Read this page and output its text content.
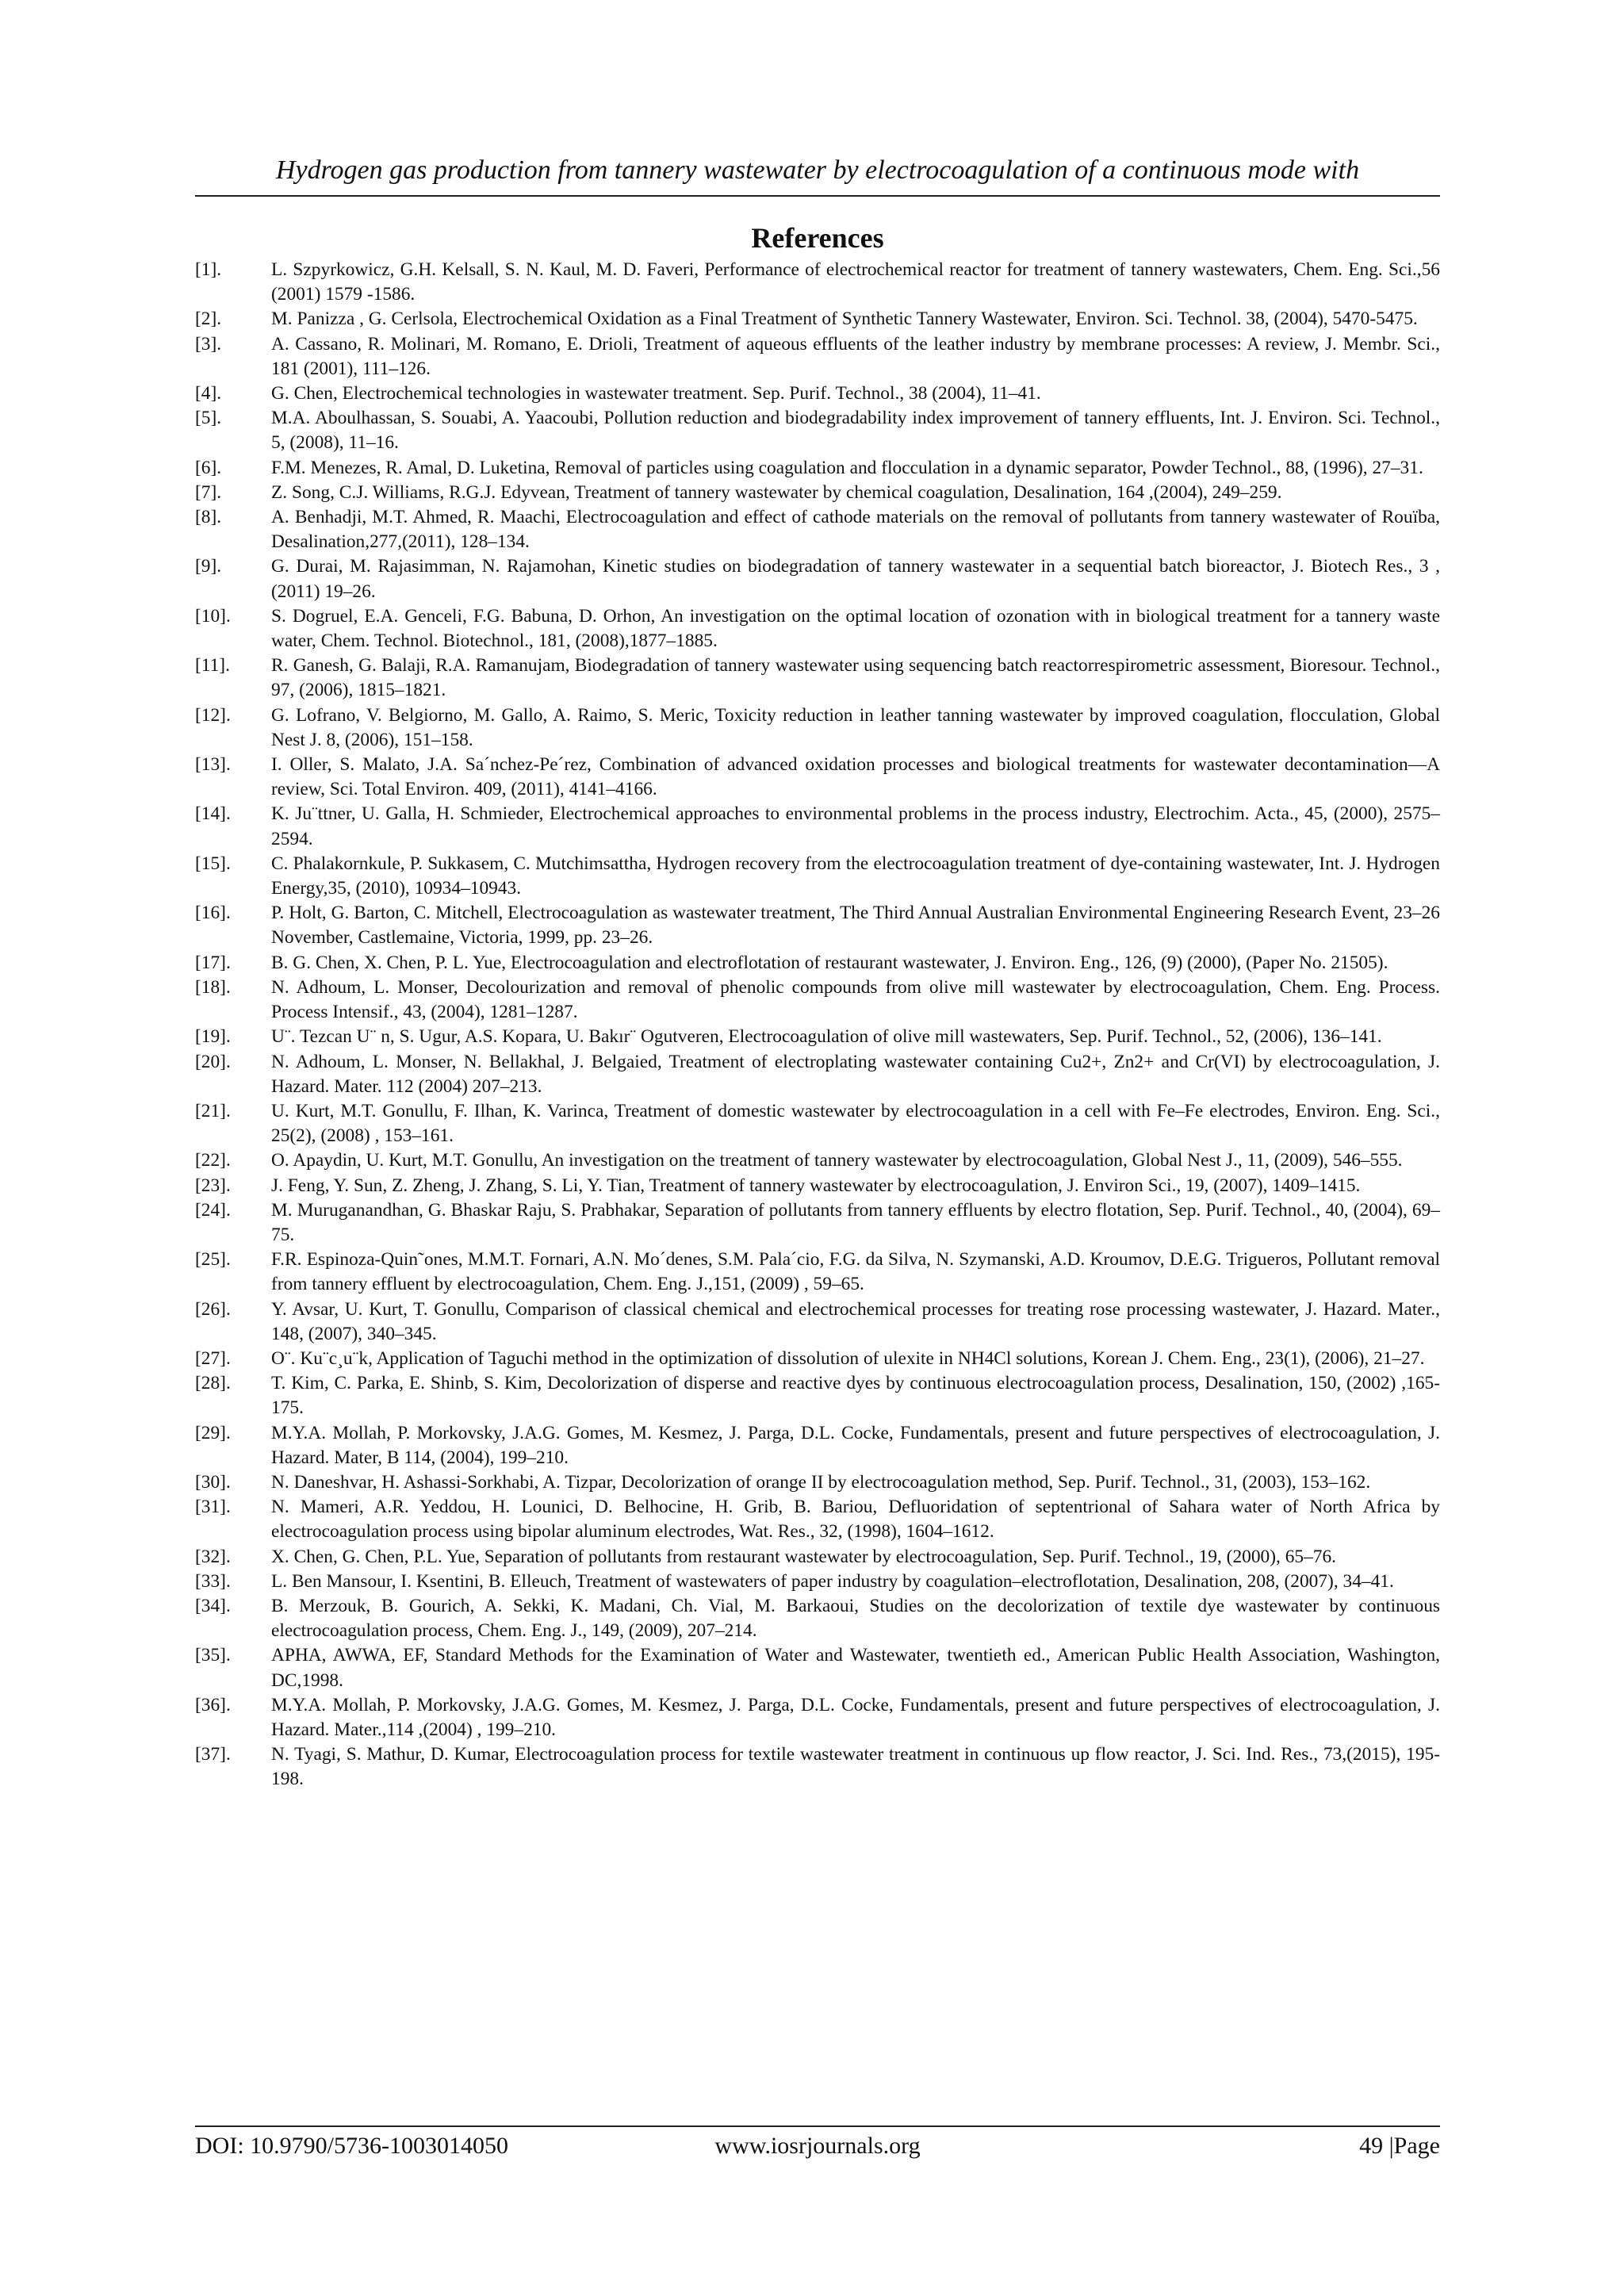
Hydrogen gas production from tannery wastewater by electrocoagulation of a continuous mode with
References
[1].	L. Szpyrkowicz, G.H. Kelsall, S. N. Kaul, M. D. Faveri, Performance of electrochemical reactor for treatment of tannery wastewaters, Chem. Eng. Sci.,56 (2001) 1579 -1586.
[2].	M. Panizza , G. Cerlsola, Electrochemical Oxidation as a Final Treatment of Synthetic Tannery Wastewater, Environ. Sci. Technol. 38, (2004), 5470-5475.
[3].	A. Cassano, R. Molinari, M. Romano, E. Drioli, Treatment of aqueous effluents of the leather industry by membrane processes: A review, J. Membr. Sci., 181 (2001), 111–126.
[4].	G. Chen, Electrochemical technologies in wastewater treatment. Sep. Purif. Technol., 38 (2004), 11–41.
[5].	M.A. Aboulhassan, S. Souabi, A. Yaacoubi, Pollution reduction and biodegradability index improvement of tannery effluents, Int. J. Environ. Sci. Technol., 5, (2008), 11–16.
[6].	F.M. Menezes, R. Amal, D. Luketina, Removal of particles using coagulation and flocculation in a dynamic separator, Powder Technol., 88, (1996), 27–31.
[7].	Z. Song, C.J. Williams, R.G.J. Edyvean, Treatment of tannery wastewater by chemical coagulation, Desalination, 164 ,(2004), 249–259.
[8].	A. Benhadji, M.T. Ahmed, R. Maachi, Electrocoagulation and effect of cathode materials on the removal of pollutants from tannery wastewater of Rouïba, Desalination,277,(2011), 128–134.
[9].	G. Durai, M. Rajasimman, N. Rajamohan, Kinetic studies on biodegradation of tannery wastewater in a sequential batch bioreactor, J. Biotech Res., 3 ,(2011) 19–26.
[10].	S. Dogruel, E.A. Genceli, F.G. Babuna, D. Orhon, An investigation on the optimal location of ozonation with in biological treatment for a tannery waste water, Chem. Technol. Biotechnol., 181, (2008),1877–1885.
[11].	R. Ganesh, G. Balaji, R.A. Ramanujam, Biodegradation of tannery wastewater using sequencing batch reactorrespirometric assessment, Bioresour. Technol., 97, (2006), 1815–1821.
[12].	G. Lofrano, V. Belgiorno, M. Gallo, A. Raimo, S. Meric, Toxicity reduction in leather tanning wastewater by improved coagulation, flocculation, Global Nest J. 8, (2006), 151–158.
[13].	I. Oller, S. Malato, J.A. Sa´nchez-Pe´rez, Combination of advanced oxidation processes and biological treatments for wastewater decontamination—A review, Sci. Total Environ. 409, (2011), 4141–4166.
[14].	K. Ju¨ttner, U. Galla, H. Schmieder, Electrochemical approaches to environmental problems in the process industry, Electrochim. Acta., 45, (2000), 2575–2594.
[15].	C. Phalakornkule, P. Sukkasem, C. Mutchimsattha, Hydrogen recovery from the electrocoagulation treatment of dye-containing wastewater, Int. J. Hydrogen Energy,35, (2010), 10934–10943.
[16].	P. Holt, G. Barton, C. Mitchell, Electrocoagulation as wastewater treatment, The Third Annual Australian Environmental Engineering Research Event, 23–26 November, Castlemaine, Victoria, 1999, pp. 23–26.
[17].	B. G. Chen, X. Chen, P. L. Yue, Electrocoagulation and electroflotation of restaurant wastewater, J. Environ. Eng., 126, (9) (2000), (Paper No. 21505).
[18].	N. Adhoum, L. Monser, Decolourization and removal of phenolic compounds from olive mill wastewater by electrocoagulation, Chem. Eng. Process. Process Intensif., 43, (2004), 1281–1287.
[19].	U¨. Tezcan U¨ n, S. Ugur, A.S. Kopara, U. Bakır¨ Ogutveren, Electrocoagulation of olive mill wastewaters, Sep. Purif. Technol., 52, (2006), 136–141.
[20].	N. Adhoum, L. Monser, N. Bellakhal, J. Belgaied, Treatment of electroplating wastewater containing Cu2+, Zn2+ and Cr(VI) by electrocoagulation, J. Hazard. Mater. 112 (2004) 207–213.
[21].	U. Kurt, M.T. Gonullu, F. Ilhan, K. Varinca, Treatment of domestic wastewater by electrocoagulation in a cell with Fe–Fe electrodes, Environ. Eng. Sci., 25(2), (2008) , 153–161.
[22].	O. Apaydin, U. Kurt, M.T. Gonullu, An investigation on the treatment of tannery wastewater by electrocoagulation, Global Nest J., 11, (2009), 546–555.
[23].	J. Feng, Y. Sun, Z. Zheng, J. Zhang, S. Li, Y. Tian, Treatment of tannery wastewater by electrocoagulation, J. Environ Sci., 19, (2007), 1409–1415.
[24].	M. Muruganandhan, G. Bhaskar Raju, S. Prabhakar, Separation of pollutants from tannery effluents by electro flotation, Sep. Purif. Technol., 40, (2004), 69–75.
[25].	F.R. Espinoza-Quin˜ones, M.M.T. Fornari, A.N. Mo´denes, S.M. Pala´cio, F.G. da Silva, N. Szymanski, A.D. Kroumov, D.E.G. Trigueros, Pollutant removal from tannery effluent by electrocoagulation, Chem. Eng. J.,151, (2009) , 59–65.
[26].	Y. Avsar, U. Kurt, T. Gonullu, Comparison of classical chemical and electrochemical processes for treating rose processing wastewater, J. Hazard. Mater., 148, (2007), 340–345.
[27].	O¨. Ku¨c¸u¨k, Application of Taguchi method in the optimization of dissolution of ulexite in NH4Cl solutions, Korean J. Chem. Eng., 23(1), (2006), 21–27.
[28].	T. Kim, C. Parka, E. Shinb, S. Kim, Decolorization of disperse and reactive dyes by continuous electrocoagulation process, Desalination, 150, (2002) ,165-175.
[29].	M.Y.A. Mollah, P. Morkovsky, J.A.G. Gomes, M. Kesmez, J. Parga, D.L. Cocke, Fundamentals, present and future perspectives of electrocoagulation, J. Hazard. Mater, B 114, (2004), 199–210.
[30].	N. Daneshvar, H. Ashassi-Sorkhabi, A. Tizpar, Decolorization of orange II by electrocoagulation method, Sep. Purif. Technol., 31, (2003), 153–162.
[31].	N. Mameri, A.R. Yeddou, H. Lounici, D. Belhocine, H. Grib, B. Bariou, Defluoridation of septentrional of Sahara water of North Africa by electrocoagulation process using bipolar aluminum electrodes, Wat. Res., 32, (1998), 1604–1612.
[32].	X. Chen, G. Chen, P.L. Yue, Separation of pollutants from restaurant wastewater by electrocoagulation, Sep. Purif. Technol., 19, (2000), 65–76.
[33].	L. Ben Mansour, I. Ksentini, B. Elleuch, Treatment of wastewaters of paper industry by coagulation–electroflotation, Desalination, 208, (2007), 34–41.
[34].	B. Merzouk, B. Gourich, A. Sekki, K. Madani, Ch. Vial, M. Barkaoui, Studies on the decolorization of textile dye wastewater by continuous electrocoagulation process, Chem. Eng. J., 149, (2009), 207–214.
[35].	APHA, AWWA, EF, Standard Methods for the Examination of Water and Wastewater, twentieth ed., American Public Health Association, Washington, DC,1998.
[36].	M.Y.A. Mollah, P. Morkovsky, J.A.G. Gomes, M. Kesmez, J. Parga, D.L. Cocke, Fundamentals, present and future perspectives of electrocoagulation, J. Hazard. Mater.,114 ,(2004) , 199–210.
[37].	N. Tyagi, S. Mathur, D. Kumar, Electrocoagulation process for textile wastewater treatment in continuous up flow reactor, J. Sci. Ind. Res., 73,(2015), 195-198.
DOI: 10.9790/5736-1003014050	www.iosrjournals.org	49 |Page
